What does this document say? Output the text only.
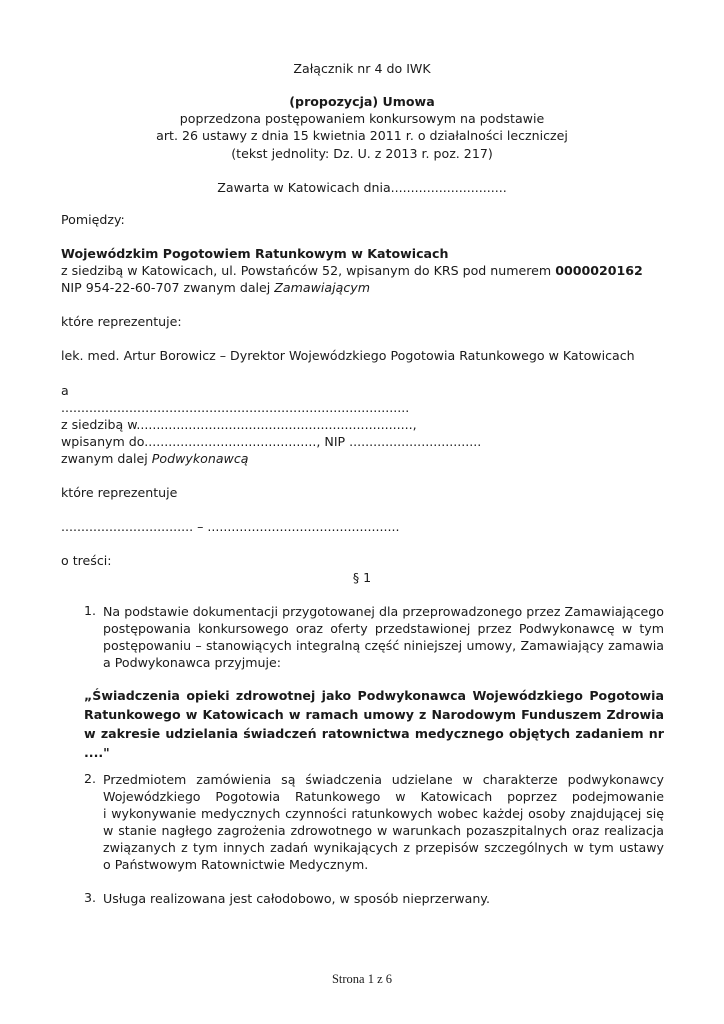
Załącznik nr 4 do IWK
(propozycja) Umowa
poprzedzona postępowaniem konkursowym na podstawie
art. 26 ustawy z dnia 15 kwietnia 2011 r. o działalności leczniczej
(tekst jednolity: Dz. U. z 2013 r. poz. 217)
Zawarta w Katowicach dnia.............................
Pomiędzy:
Wojewódzkim Pogotowiem Ratunkowym w Katowicach
z siedzibą w Katowicach, ul. Powstańców 52, wpisanym do KRS pod numerem 0000020162
NIP 954-22-60-707 zwanym dalej Zamawiającym
które reprezentuje:
lek. med. Artur Borowicz – Dyrektor Wojewódzkiego Pogotowia Ratunkowego w Katowicach
a
.......................................................................................
z siedzibą w.....................................................................,
wpisanym do..........................................., NIP .................................
zwanym dalej Podwykonawcą
które reprezentuje
................................. – ................................................
o treści:
§ 1
1. Na podstawie dokumentacji przygotowanej dla przeprowadzonego przez Zamawiającego
postępowania konkursowego oraz oferty przedstawionej przez Podwykonawcę w tym
postępowaniu – stanowiących integralną część niniejszej umowy, Zamawiający zamawia
a Podwykonawca przyjmuje:
„Świadczenia opieki zdrowotnej jako Podwykonawca Wojewódzkiego Pogotowia
Ratunkowego w Katowicach w ramach umowy z Narodowym Funduszem Zdrowia
w zakresie udzielania świadczeń ratownictwa medycznego objętych zadaniem nr
...."
2. Przedmiotem zamówienia są świadczenia udzielane w charakterze podwykonawcy
Wojewódzkiego Pogotowia Ratunkowego w Katowicach poprzez podejmowanie
i wykonywanie medycznych czynności ratunkowych wobec każdej osoby znajdującej się
w stanie nagłego zagrożenia zdrowotnego w warunkach pozaszpitalnych oraz realizacja
związanych z tym innych zadań wynikających z przepisów szczególnych w tym ustawy
o Państwowym Ratownictwie Medycznym.
3. Usługa realizowana jest całodobowo, w sposób nieprzerwany.
Strona 1 z 6
